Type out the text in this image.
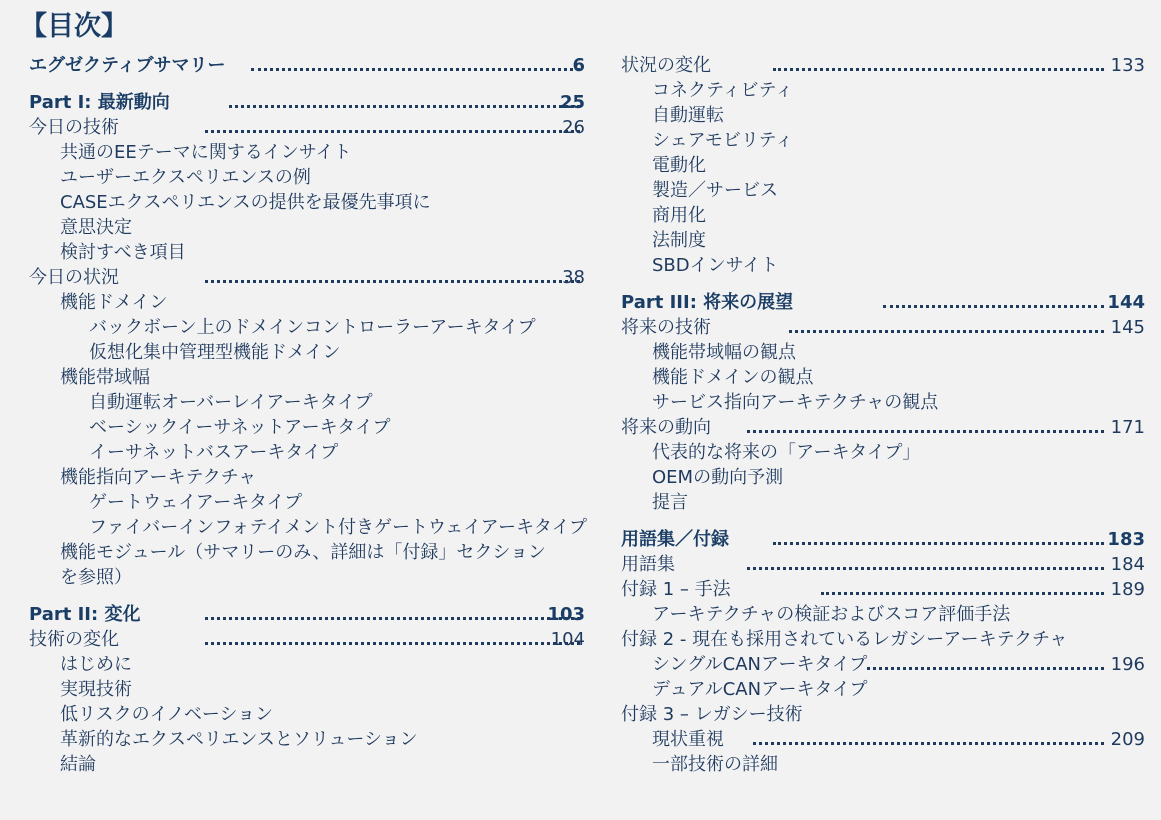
【目次】
エグゼクティブサマリー	6
Part I: 最新動向	25
今日の技術	26
共通のEEテーマに関するインサイト
ユーザーエクスペリエンスの例
CASEエクスペリエンスの提供を最優先事項に
意思決定
検討すべき項目
今日の状況	38
機能ドメイン
バックボーン上のドメインコントローラーアーキタイプ
仮想化集中管理型機能ドメイン
機能帯域幅
自動運転オーバーレイアーキタイプ
ベーシックイーサネットアーキタイプ
イーサネットバスアーキタイプ
機能指向アーキテクチャ
ゲートウェイアーキタイプ
ファイバーインフォテイメント付きゲートウェイアーキタイプ
機能モジュール（サマリーのみ、詳細は「付録」セクションを参照）
Part II: 変化	103
技術の変化	104
はじめに
実現技術
低リスクのイノベーション
革新的なエクスペリエンスとソリューション
結論
状況の変化	133
コネクティビティ
自動運転
シェアモビリティ
電動化
製造／サービス
商用化
法制度
SBDインサイト
Part III: 将来の展望	144
将来の技術	145
機能帯域幅の観点
機能ドメインの観点
サービス指向アーキテクチャの観点
将来の動向	171
代表的な将来の「アーキタイプ」
OEMの動向予測
提言
用語集／付録	183
用語集	184
付録 1 – 手法	189
アーキテクチャの検証およびスコア評価手法
付録 2 - 現在も採用されているレガシーアーキテクチャ
シングルCANアーキタイプ	196
デュアルCANアーキタイプ
付録 3 – レガシー技術
現状重視	209
一部技術の詳細
